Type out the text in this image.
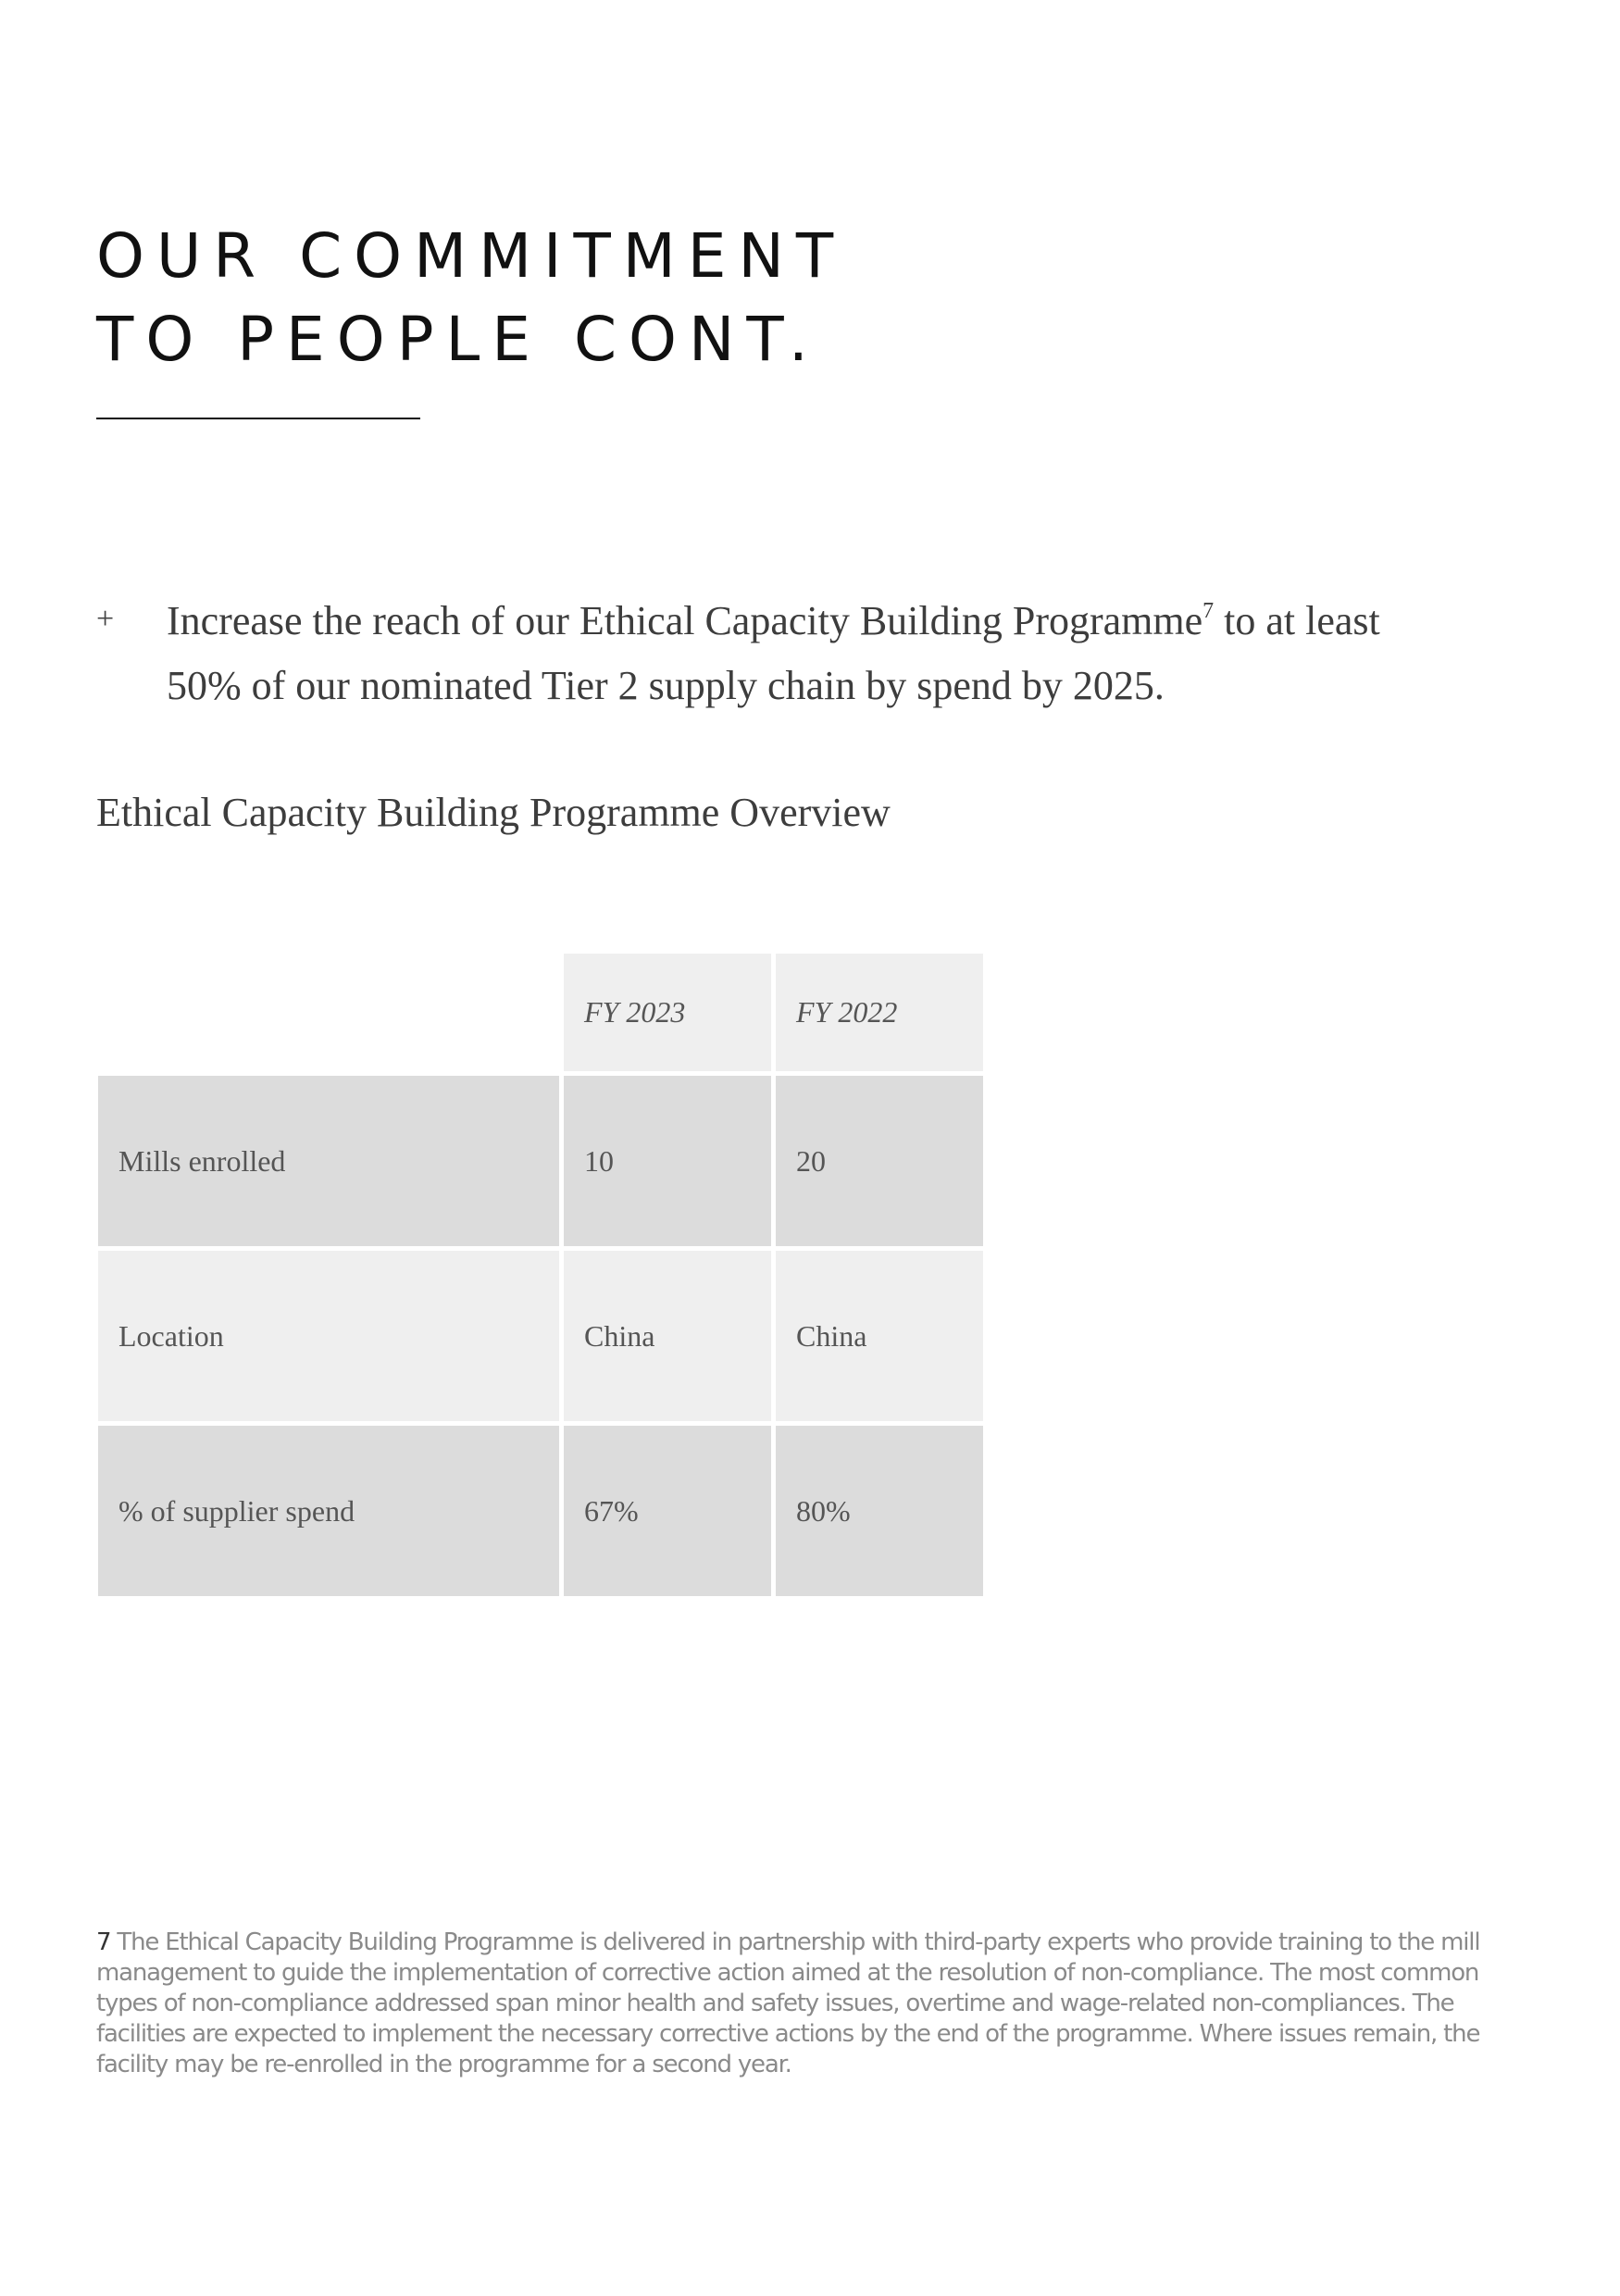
OUR COMMITMENT
TO PEOPLE CONT.
+ Increase the reach of our Ethical Capacity Building Programme$^7$ to at least 50% of our nominated Tier 2 supply chain by spend by 2025.

Ethical Capacity Building Programme Overview
	FY 2023	FY 2022
Mills enrolled	10	20
Location	China	China
% of supplier spend	67%	80%

7 The Ethical Capacity Building Programme is delivered in partnership with third-party experts who provide training to the mill management to guide the implementation of corrective action aimed at the resolution of non-compliance. The most common types of non-compliance addressed span minor health and safety issues, overtime and wage-related non-compliances. The facilities are expected to implement the necessary corrective actions by the end of the programme. Where issues remain, the facility may be re-enrolled in the programme for a second year.
